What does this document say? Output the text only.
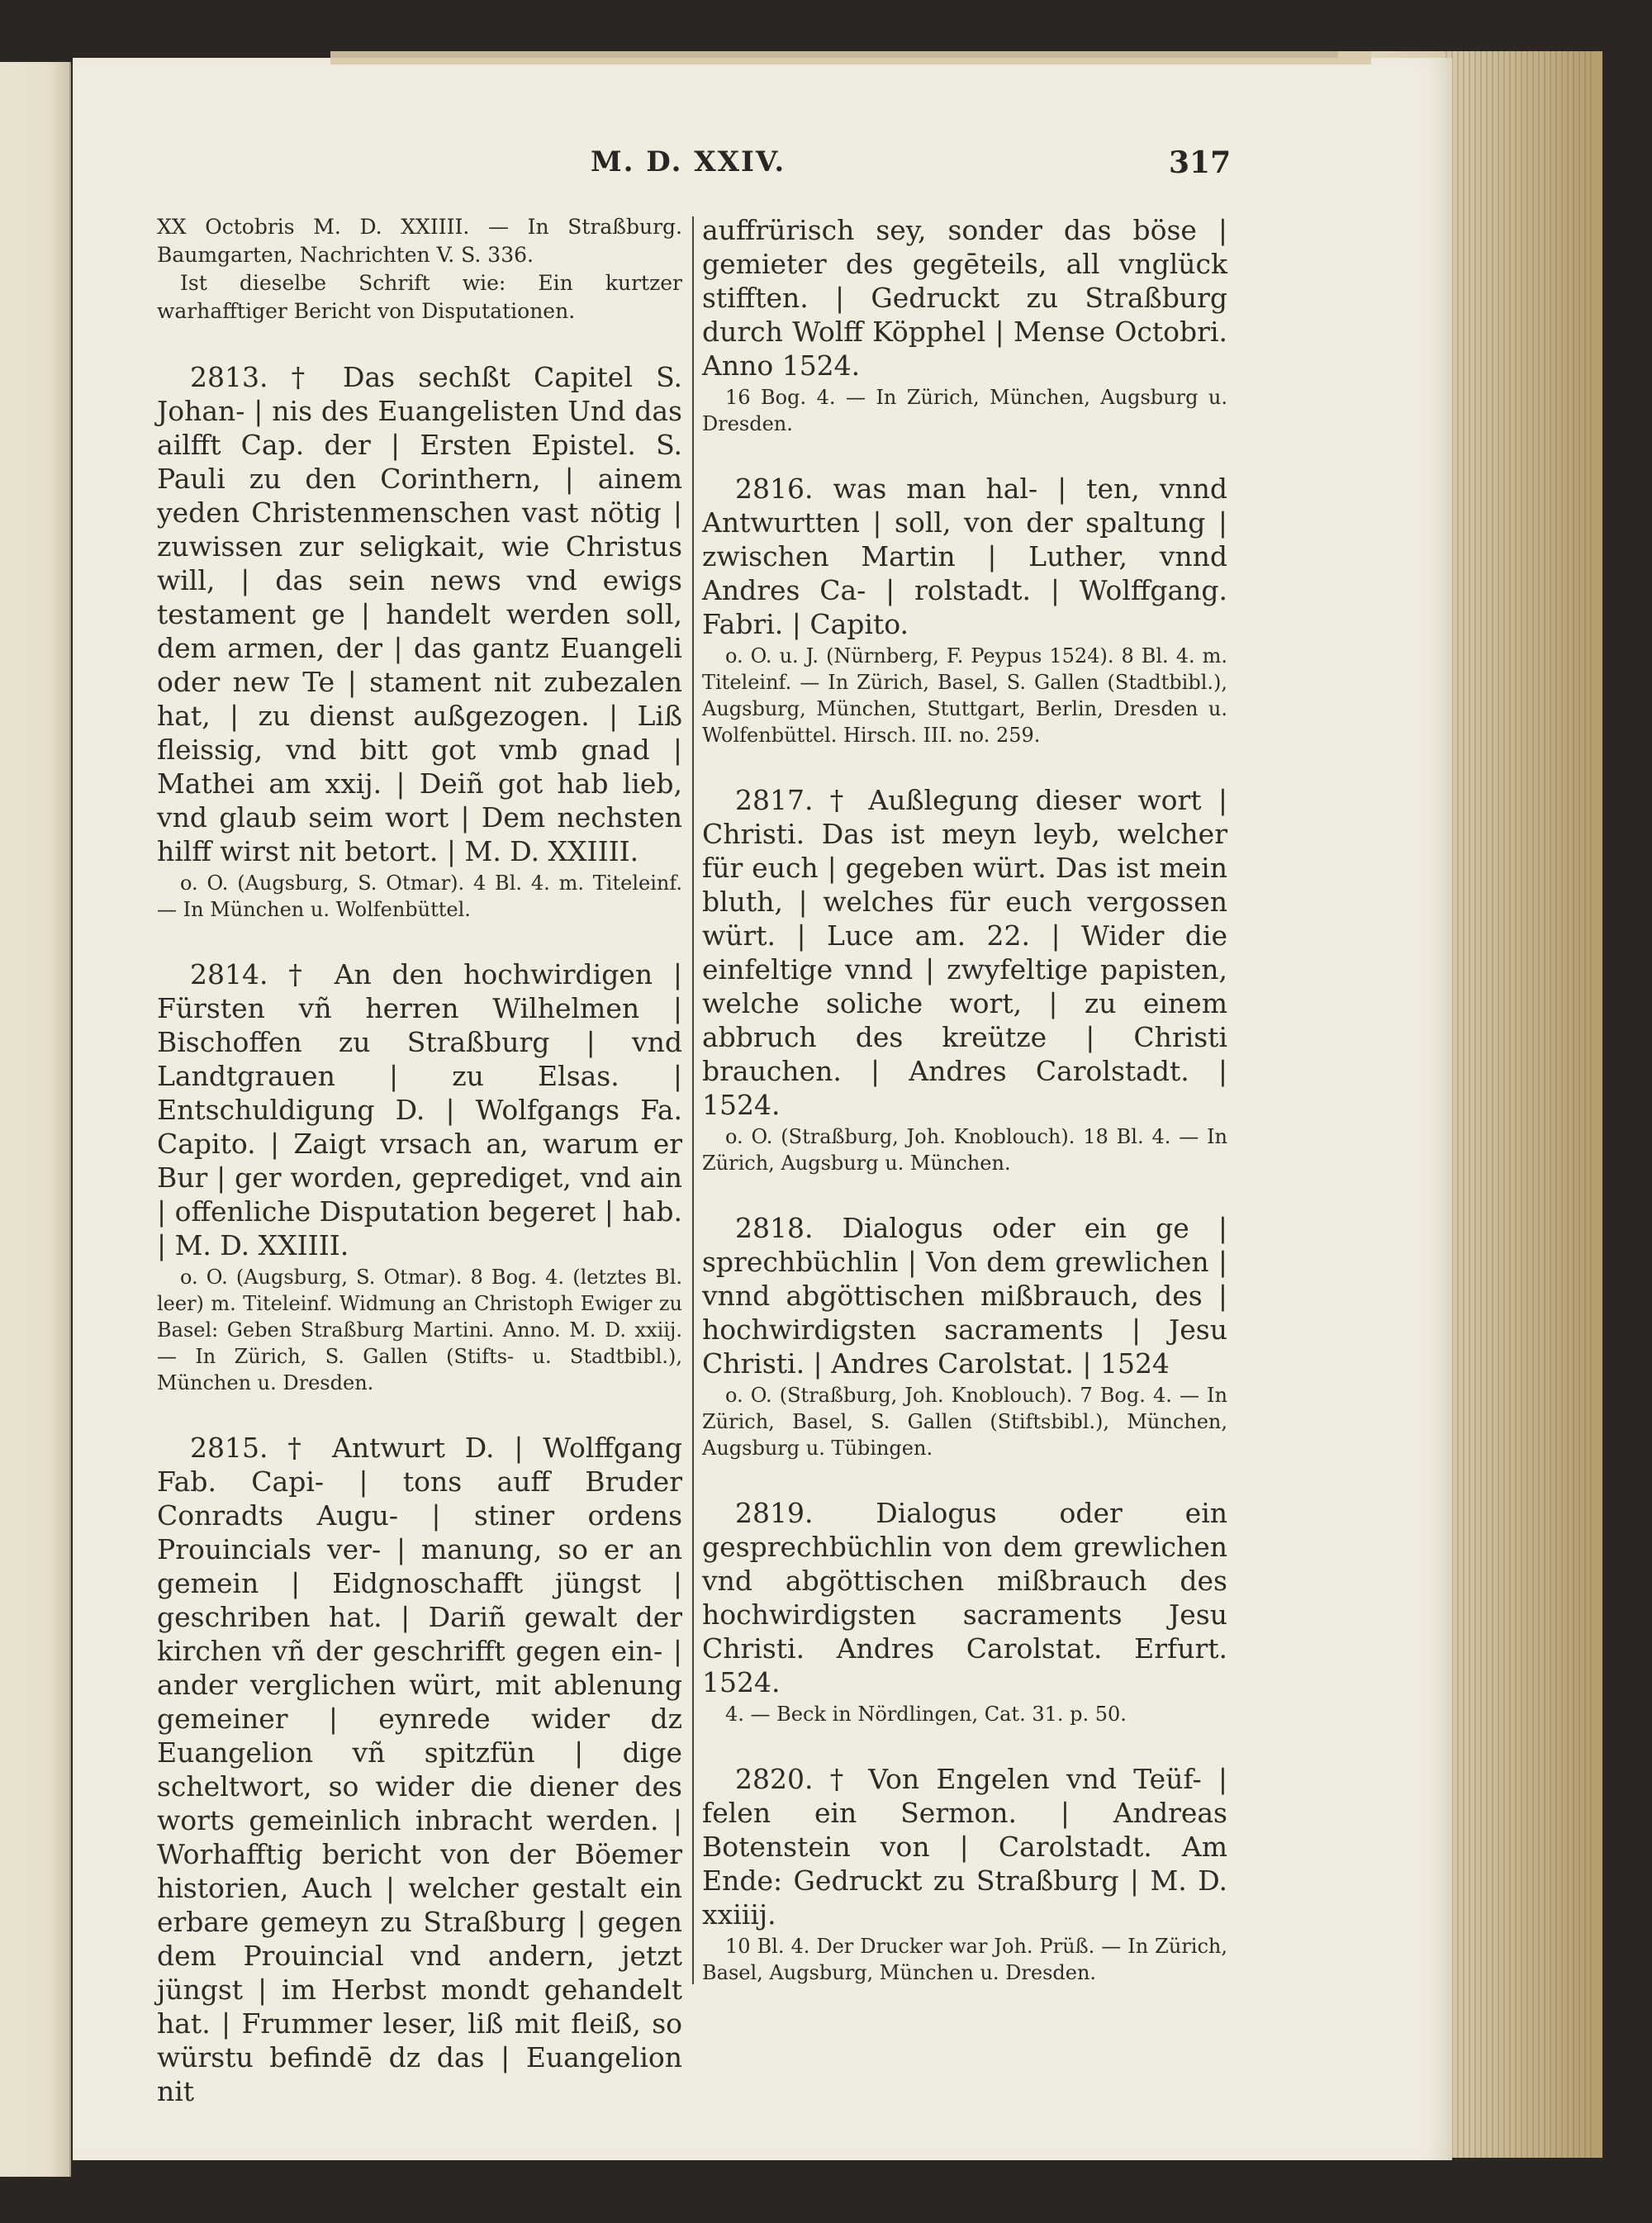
M. D. XXIV.	317
XX Octobris M. D. XXIIII. — In Straßburg. Baumgarten, Nachrichten V. S. 336.
Ist dieselbe Schrift wie: Ein kurtzer warhafftiger Bericht von Disputationen.

2813. † Das sechßt Capitel S. Johan- | nis des Euangelisten Und das ailfft Cap. der | Ersten Epistel. S. Pauli zu den Corinthern, | ainem yeden Christenmenschen vast nötig | zuwissen zur seligkait, wie Christus will, | das sein news vnd ewigs testament ge | handelt werden soll, dem armen, der | das gantz Euangeli oder new Te | stament nit zubezalen hat, | zu dienst außgezogen. | Liß fleissig, vnd bitt got vmb gnad | Mathei am xxij. | Deiñ got hab lieb, vnd glaub seim wort | Dem nechsten hilff wirst nit betort. | M. D. XXIIII.

o. O. (Augsburg, S. Otmar). 4 Bl. 4. m. Titeleinf. — In München u. Wolfenbüttel.

2814. † An den hochwirdigen | Fürsten vñ herren Wilhelmen | Bischoffen zu Straßburg | vnd Landtgrauen | zu Elsas. | Entschuldigung D. | Wolfgangs Fa. Capito. | Zaigt vrsach an, warum er Bur | ger worden, geprediget, vnd ain | offenliche Disputation begeret | hab. | M. D. XXIIII.

o. O. (Augsburg, S. Otmar). 8 Bog. 4. (letztes Bl. leer) m. Titeleinf. Widmung an Christoph Ewiger zu Basel: Geben Straßburg Martini. Anno. M. D. xxiij. — In Zürich, S. Gallen (Stifts- u. Stadtbibl.), München u. Dresden.

2815. † Antwurt D. | Wolffgang Fab. Capi- | tons auff Bruder Conradts Augu- | stiner ordens Prouincials ver- | manung, so er an gemein | Eidgnoschafft jüngst | geschriben hat. | Dariñ gewalt der kirchen vñ der geschrifft gegen ein- | ander verglichen würt, mit ablenung gemeiner | eynrede wider dz Euangelion vñ spitzfün | dige scheltwort, so wider die diener des worts gemeinlich inbracht werden. | Worhafftig bericht von der Böemer historien, Auch | welcher gestalt ein erbare gemeyn zu Straßburg | gegen dem Prouincial vnd andern, jetzt jüngst | im Herbst mondt gehandelt hat. | Frummer leser, liß mit fleiß, so würstu befindē dz das | Euangelion nit

auffrürisch sey, sonder das böse | gemieter des gegēteils, all vnglück stifften. | Gedruckt zu Straßburg durch Wolff Köpphel | Mense Octobri. Anno 1524.

16 Bog. 4. — In Zürich, München, Augsburg u. Dresden.

2816. was man hal- | ten, vnnd Antwurtten | soll, von der spaltung | zwischen Martin | Luther, vnnd Andres Ca- | rolstadt. | Wolffgang. Fabri. | Capito.

o. O. u. J. (Nürnberg, F. Peypus 1524). 8 Bl. 4. m. Titeleinf. — In Zürich, Basel, S. Gallen (Stadtbibl.), Augsburg, München, Stuttgart, Berlin, Dresden u. Wolfenbüttel. Hirsch. III. no. 259.

2817. † Außlegung dieser wort | Christi. Das ist meyn leyb, welcher für euch | gegeben würt. Das ist mein bluth, | welches für euch vergossen würt. | Luce am. 22. | Wider die einfeltige vnnd | zwyfeltige papisten, welche soliche wort, | zu einem abbruch des kreütze | Christi brauchen. | Andres Carolstadt. | 1524.

o. O. (Straßburg, Joh. Knoblouch). 18 Bl. 4. — In Zürich, Augsburg u. München.

2818. Dialogus oder ein ge | sprechbüchlin | Von dem grewlichen | vnnd abgöttischen mißbrauch, des | hochwirdigsten sacraments | Jesu Christi. | Andres Carolstat. | 1524

o. O. (Straßburg, Joh. Knoblouch). 7 Bog. 4. — In Zürich, Basel, S. Gallen (Stiftsbibl.), München, Augsburg u. Tübingen.

2819. Dialogus oder ein gesprechbüchlin von dem grewlichen vnd abgöttischen mißbrauch des hochwirdigsten sacraments Jesu Christi. Andres Carolstat. Erfurt. 1524.

4. — Beck in Nördlingen, Cat. 31. p. 50.

2820. † Von Engelen vnd Teüf- | felen ein Sermon. | Andreas Botenstein von | Carolstadt. Am Ende: Gedruckt zu Straßburg | M. D. xxiiij.

10 Bl. 4. Der Drucker war Joh. Prüß. — In Zürich, Basel, Augsburg, München u. Dresden.
